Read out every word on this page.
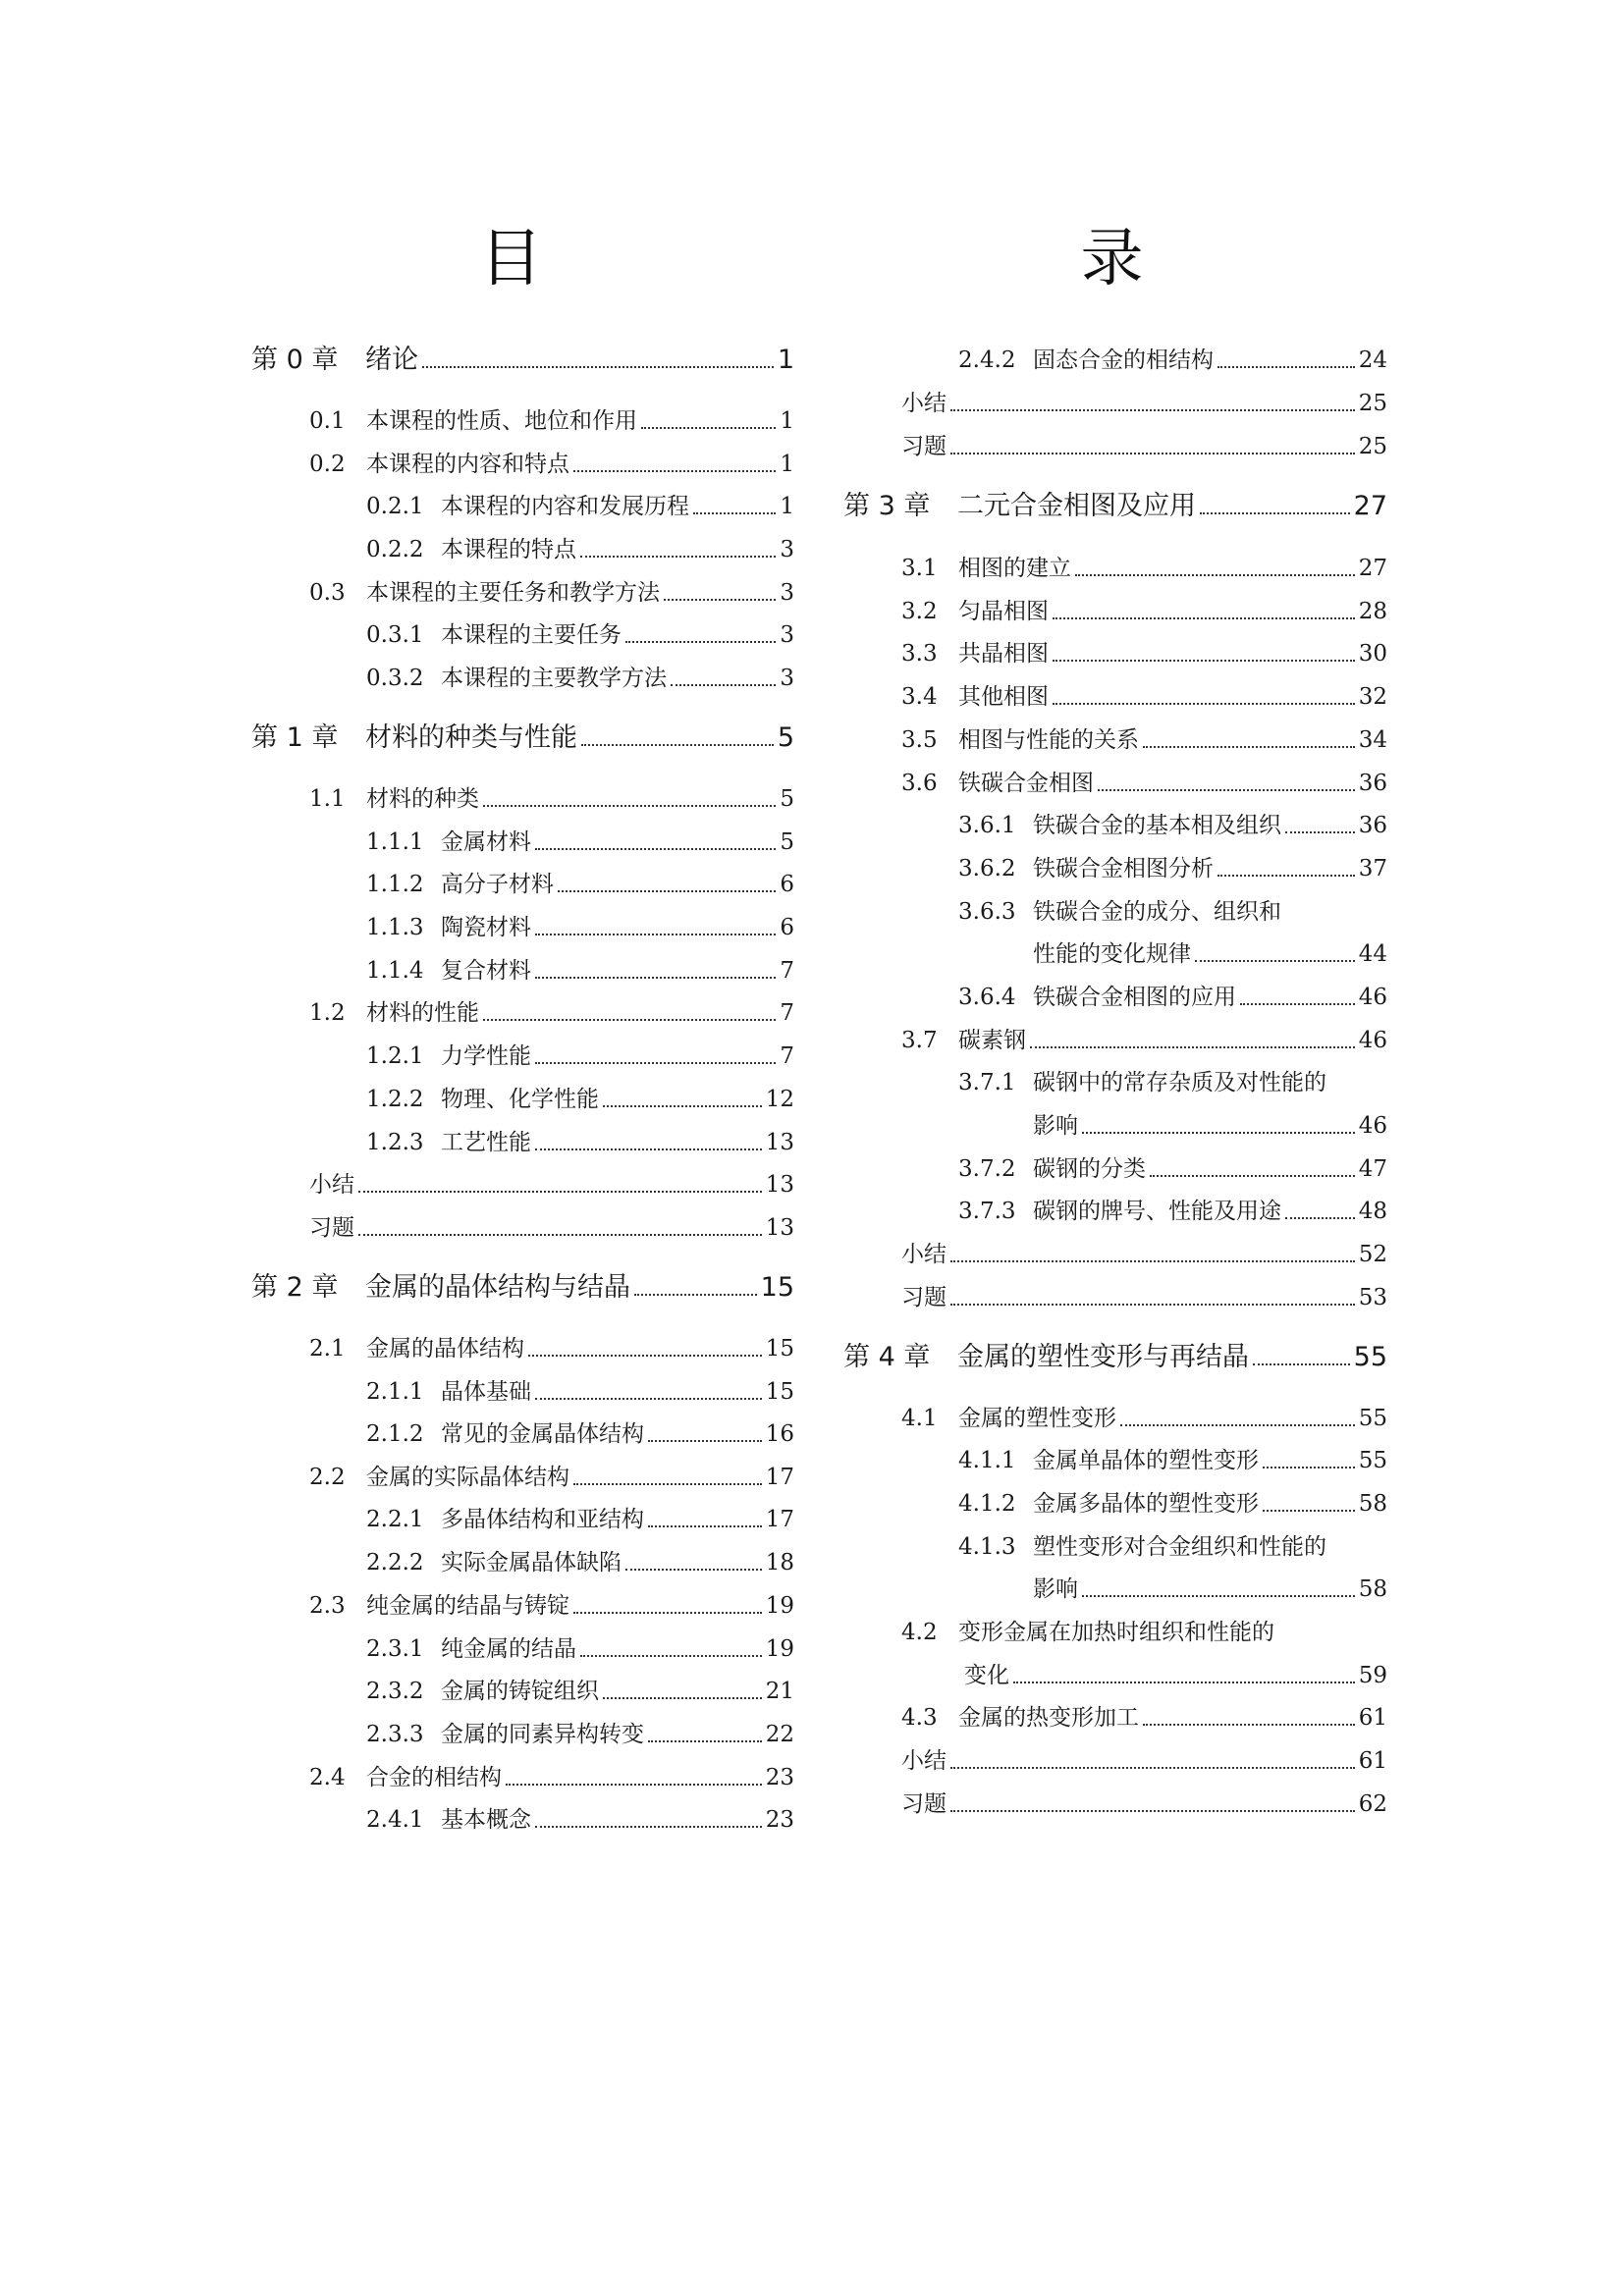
目　　录
第 0 章	绪论	1
0.1 本课程的性质、地位和作用	1
0.2 本课程的内容和特点	1
0.2.1 本课程的内容和发展历程	1
0.2.2 本课程的特点	3
0.3 本课程的主要任务和教学方法	3
0.3.1 本课程的主要任务	3
0.3.2 本课程的主要教学方法	3
第 1 章	材料的种类与性能	5
1.1 材料的种类	5
1.1.1 金属材料	5
1.1.2 高分子材料	6
1.1.3 陶瓷材料	6
1.1.4 复合材料	7
1.2 材料的性能	7
1.2.1 力学性能	7
1.2.2 物理、化学性能	12
1.2.3 工艺性能	13
小结	13
习题	13
第 2 章	金属的晶体结构与结晶	15
2.1 金属的晶体结构	15
2.1.1 晶体基础	15
2.1.2 常见的金属晶体结构	16
2.2 金属的实际晶体结构	17
2.2.1 多晶体结构和亚结构	17
2.2.2 实际金属晶体缺陷	18
2.3 纯金属的结晶与铸锭	19
2.3.1 纯金属的结晶	19
2.3.2 金属的铸锭组织	21
2.3.3 金属的同素异构转变	22
2.4 合金的相结构	23
2.4.1 基本概念	23
2.4.2 固态合金的相结构	24
小结	25
习题	25
第 3 章	二元合金相图及应用	27
3.1 相图的建立	27
3.2 匀晶相图	28
3.3 共晶相图	30
3.4 其他相图	32
3.5 相图与性能的关系	34
3.6 铁碳合金相图	36
3.6.1 铁碳合金的基本相及组织	36
3.6.2 铁碳合金相图分析	37
3.6.3 铁碳合金的成分、组织和
性能的变化规律	44
3.6.4 铁碳合金相图的应用	46
3.7 碳素钢	46
3.7.1 碳钢中的常存杂质及对性能的
影响	46
3.7.2 碳钢的分类	47
3.7.3 碳钢的牌号、性能及用途	48
小结	52
习题	53
第 4 章	金属的塑性变形与再结晶	55
4.1 金属的塑性变形	55
4.1.1 金属单晶体的塑性变形	55
4.1.2 金属多晶体的塑性变形	58
4.1.3 塑性变形对合金组织和性能的
影响	58
4.2 变形金属在加热时组织和性能的
变化	59
4.3 金属的热变形加工	61
小结	61
习题	62
